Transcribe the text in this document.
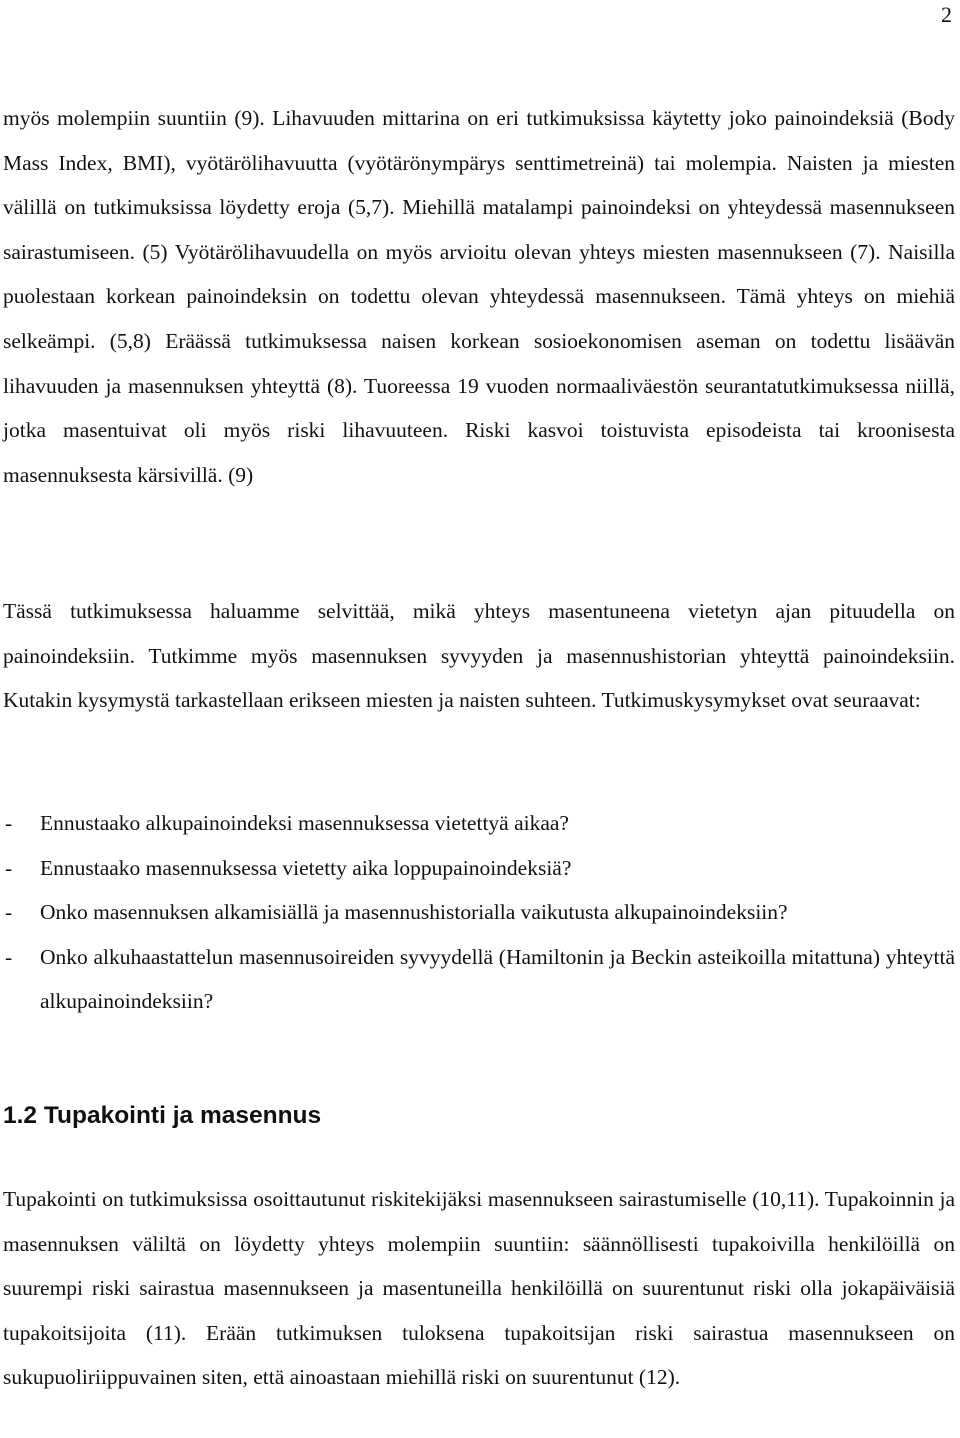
2

myös molempiin suuntiin (9). Lihavuuden mittarina on eri tutkimuksissa käytetty joko painoindeksiä (Body Mass Index, BMI), vyötärölihavuutta (vyötärönympärys senttimetreinä) tai molempia. Naisten ja miesten välillä on tutkimuksissa löydetty eroja (5,7). Miehillä matalampi painoindeksi on yhteydessä masennukseen sairastumiseen. (5) Vyötärölihavuudella on myös arvioitu olevan yhteys miesten masennukseen (7). Naisilla puolestaan korkean painoindeksin on todettu olevan yhteydessä masennukseen. Tämä yhteys on miehiä selkeämpi. (5,8) Eräässä tutkimuksessa naisen korkean sosioekonomisen aseman on todettu lisäävän lihavuuden ja masennuksen yhteyttä (8). Tuoreessa 19 vuoden normaaliväestön seurantatutkimuksessa niillä, jotka masentuivat oli myös riski lihavuuteen. Riski kasvoi toistuvista episodeista tai kroonisesta masennuksesta kärsivillä. (9)

Tässä tutkimuksessa haluamme selvittää, mikä yhteys masentuneena vietetyn ajan pituudella on painoindeksiin. Tutkimme myös masennuksen syvyyden ja masennushistorian yhteyttä painoindeksiin. Kutakin kysymystä tarkastellaan erikseen miesten ja naisten suhteen. Tutkimuskysymykset ovat seuraavat:

- Ennustaako alkupainoindeksi masennuksessa vietettyä aikaa?
- Ennustaako masennuksessa vietetty aika loppupainoindeksiä?
- Onko masennuksen alkamisiällä ja masennushistorialla vaikutusta alkupainoindeksiin?
- Onko alkuhaastattelun masennusoireiden syvyydellä (Hamiltonin ja Beckin asteikoilla mitattuna) yhteyttä alkupainoindeksiin?
1.2 Tupakointi ja masennus

Tupakointi on tutkimuksissa osoittautunut riskitekijäksi masennukseen sairastumiselle (10,11). Tupakoinnin ja masennuksen väliltä on löydetty yhteys molempiin suuntiin: säännöllisesti tupakoivilla henkilöillä on suurempi riski sairastua masennukseen ja masentuneilla henkilöillä on suurentunut riski olla jokapäiväisiä tupakoitsijoita (11). Erään tutkimuksen tuloksena tupakoitsijan riski sairastua masennukseen on sukupuoliriippuvainen siten, että ainoastaan miehillä riski on suurentunut (12).
